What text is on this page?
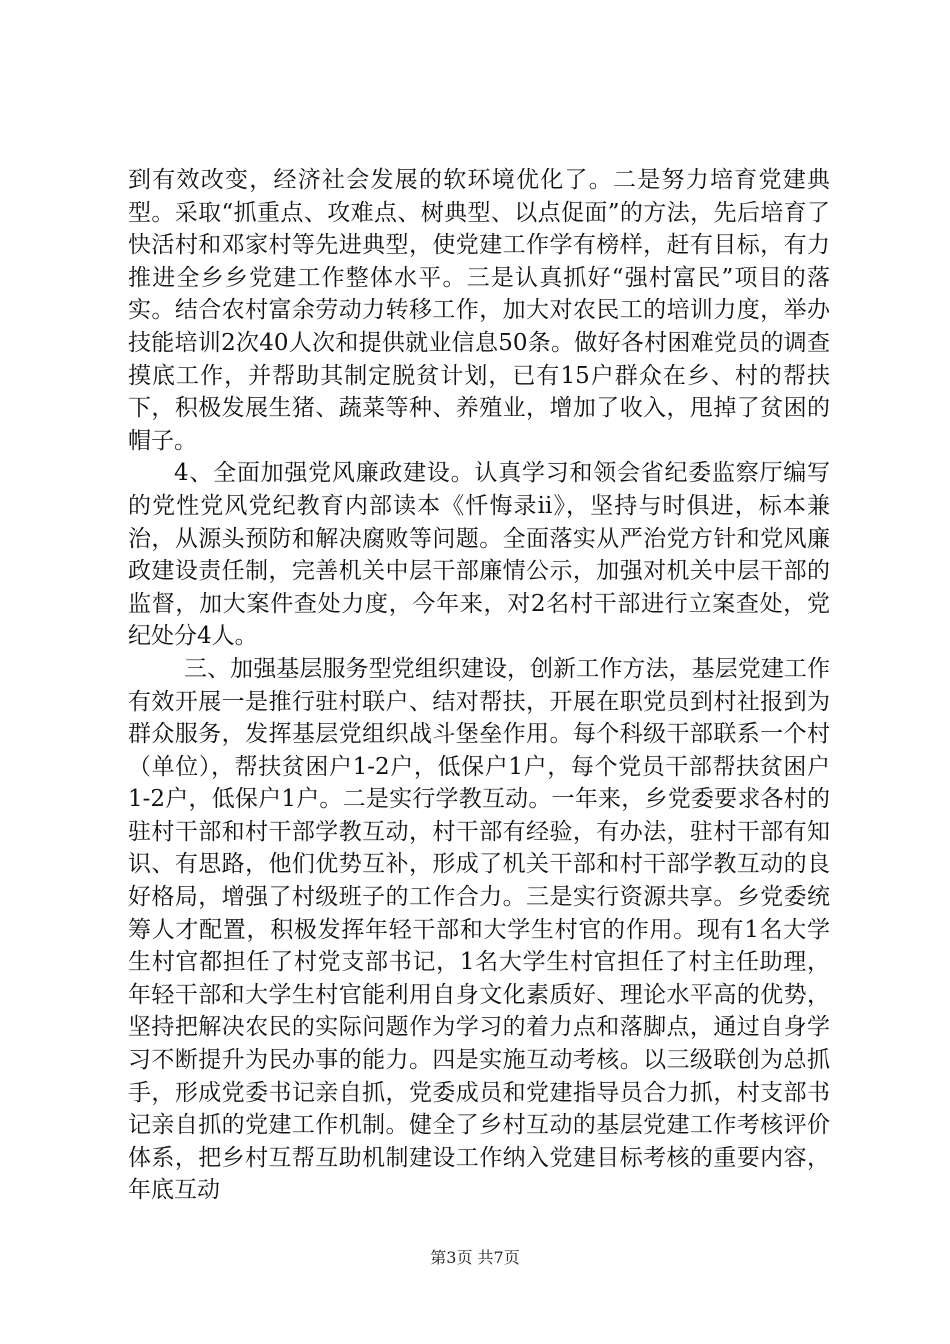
到有效改变，经济社会发展的软环境优化了。二是努力培育党建典型。采取“抓重点、攻难点、树典型、以点促面”的方法，先后培育了快活村和邓家村等先进典型，使党建工作学有榜样，赶有目标，有力推进全乡乡党建工作整体水平。三是认真抓好“强村富民”项目的落实。结合农村富余劳动力转移工作，加大对农民工的培训力度，举办技能培训2次40人次和提供就业信息50条。做好各村困难党员的调查摸底工作，并帮助其制定脱贫计划，已有15户群众在乡、村的帮扶下，积极发展生猪、蔬菜等种、养殖业，增加了收入，甩掉了贫困的帽子。

4、全面加强党风廉政建设。认真学习和领会省纪委监察厅编写的党性党风党纪教育内部读本《忏悔录ii》，坚持与时俱进，标本兼治，从源头预防和解决腐败等问题。全面落实从严治党方针和党风廉政建设责任制，完善机关中层干部廉情公示，加强对机关中层干部的监督，加大案件查处力度，今年来，对2名村干部进行立案查处，党纪处分4人。

三、加强基层服务型党组织建设，创新工作方法，基层党建工作有效开展一是推行驻村联户、结对帮扶，开展在职党员到村社报到为群众服务，发挥基层党组织战斗堡垒作用。每个科级干部联系一个村（单位），帮扶贫困户1-2户，低保户1户，每个党员干部帮扶贫困户1-2户，低保户1户。二是实行学教互动。一年来，乡党委要求各村的驻村干部和村干部学教互动，村干部有经验，有办法，驻村干部有知识、有思路，他们优势互补，形成了机关干部和村干部学教互动的良好格局，增强了村级班子的工作合力。三是实行资源共享。乡党委统筹人才配置，积极发挥年轻干部和大学生村官的作用。现有1名大学生村官都担任了村党支部书记，1名大学生村官担任了村主任助理，年轻干部和大学生村官能利用自身文化素质好、理论水平高的优势，坚持把解决农民的实际问题作为学习的着力点和落脚点，通过自身学习不断提升为民办事的能力。四是实施互动考核。以三级联创为总抓手，形成党委书记亲自抓，党委成员和党建指导员合力抓，村支部书记亲自抓的党建工作机制。健全了乡村互动的基层党建工作考核评价体系，把乡村互帮互助机制建设工作纳入党建目标考核的重要内容，年底互动

第3页 共7页
